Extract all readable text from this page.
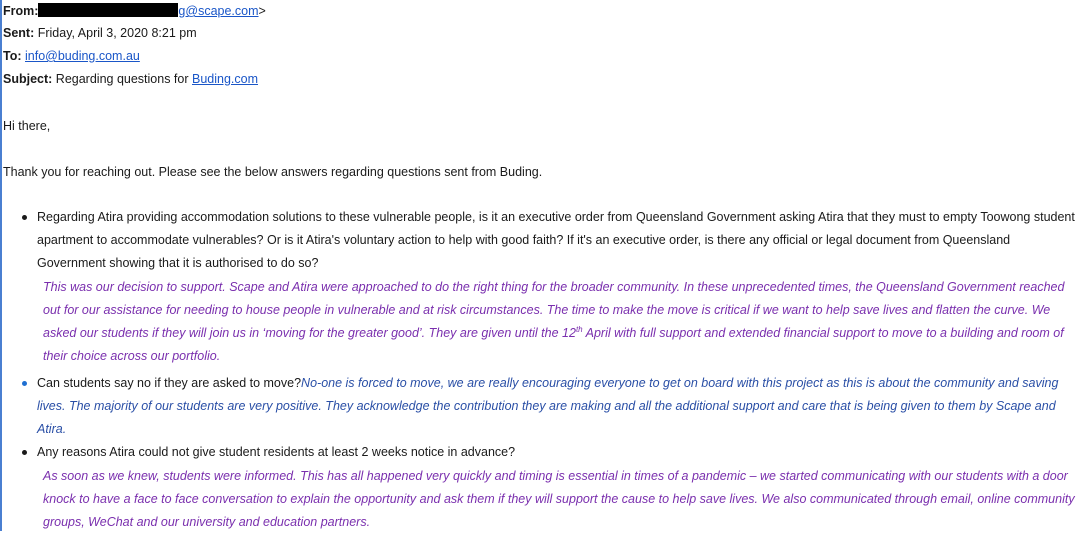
From:	g@scape.com>
Sent: Friday, April 3, 2020 8:21 pm
To: info@buding.com.au
Subject: Regarding questions for Buding.com
Hi there,
Thank you for reaching out. Please see the below answers regarding questions sent from Buding.
Regarding Atira providing accommodation solutions to these vulnerable people, is it an executive order from Queensland Government asking Atira that they must to empty Toowong student apartment to accommodate vulnerables? Or is it Atira's voluntary action to help with good faith? If it's an executive order, is there any official or legal document from Queensland Government showing that it is authorised to do so?
This was our decision to support. Scape and Atira were approached to do the right thing for the broader community. In these unprecedented times, the Queensland Government reached out for our assistance for needing to house people in vulnerable and at risk circumstances. The time to make the move is critical if we want to help save lives and flatten the curve. We asked our students if they will join us in ‘moving for the greater good’. They are given until the 12th April with full support and extended financial support to move to a building and room of their choice across our portfolio.
Can students say no if they are asked to move?No-one is forced to move, we are really encouraging everyone to get on board with this project as this is about the community and saving lives. The majority of our students are very positive. They acknowledge the contribution they are making and all the additional support and care that is being given to them by Scape and Atira.
Any reasons Atira could not give student residents at least 2 weeks notice in advance?
As soon as we knew, students were informed. This has all happened very quickly and timing is essential in times of a pandemic – we started communicating with our students with a door knock to have a face to face conversation to explain the opportunity and ask them if they will support the cause to help save lives. We also communicated through email, online community groups, WeChat and our university and education partners.
